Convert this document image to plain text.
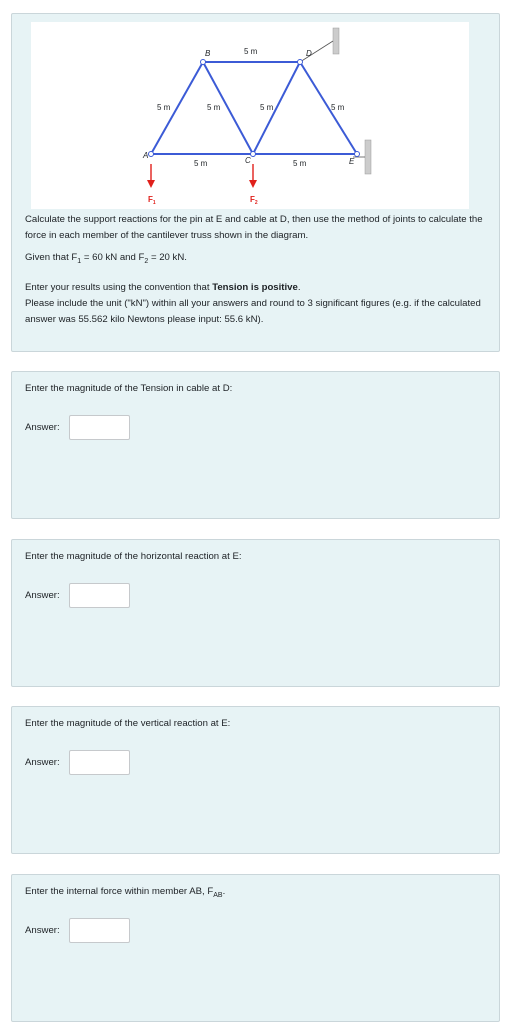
A
B
C
D
E
$F_1$	$F_2$
5 m
5 m	5 m	5 m	5 m
5 m	5 m
Calculate the support reactions for the pin at E and cable at D, then use the method of joints to calculate the force in each member of the cantilever truss shown in the diagram.
Given that $F_1 = 60$ kN and $F_2 = 20$ kN.
Enter your results using the convention that Tension is positive.
Please include the unit ("kN") within all your answers and round to 3 significant figures (e.g. if the calculated answer was 55.562 kilo Newtons please input: 55.6 kN).
Enter the magnitude of the Tension in cable at D:
Answer:
Enter the magnitude of the horizontal reaction at E:
Answer:
Enter the magnitude of the vertical reaction at E:
Answer:
Enter the internal force within member AB, $F_{AB}$.
Answer:
